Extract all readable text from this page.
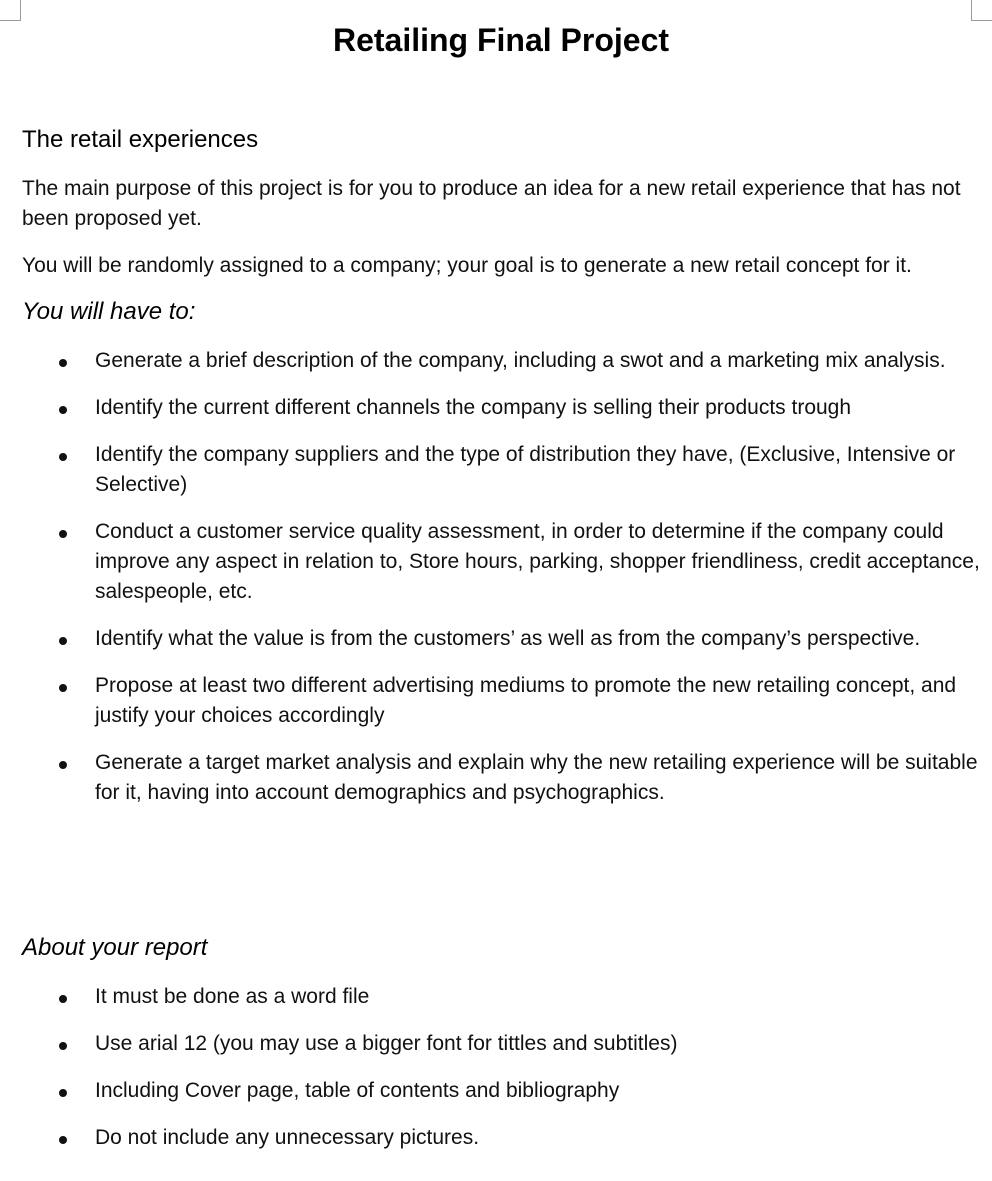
Retailing Final Project
The retail experiences

The main purpose of this project is for you to produce an idea for a new retail experience that has not been proposed yet.

You will be randomly assigned to a company; your goal is to generate a new retail concept for it.

You will have to:
Generate a brief description of the company, including a swot and a marketing mix analysis.
Identify the current different channels the company is selling their products trough
Identify the company suppliers and the type of distribution they have, (Exclusive, Intensive or Selective)
Conduct a customer service quality assessment, in order to determine if the company could improve any aspect in relation to, Store hours, parking, shopper friendliness, credit acceptance, salespeople, etc.
Identify what the value is from the customers’ as well as from the company’s perspective.
Propose at least two different advertising mediums to promote the new retailing concept, and justify your choices accordingly
Generate a target market analysis and explain why the new retailing experience will be suitable for it, having into account demographics and psychographics.
About your report
It must be done as a word file
Use arial 12 (you may use a bigger font for tittles and subtitles)
Including Cover page, table of contents and bibliography
Do not include any unnecessary pictures.
